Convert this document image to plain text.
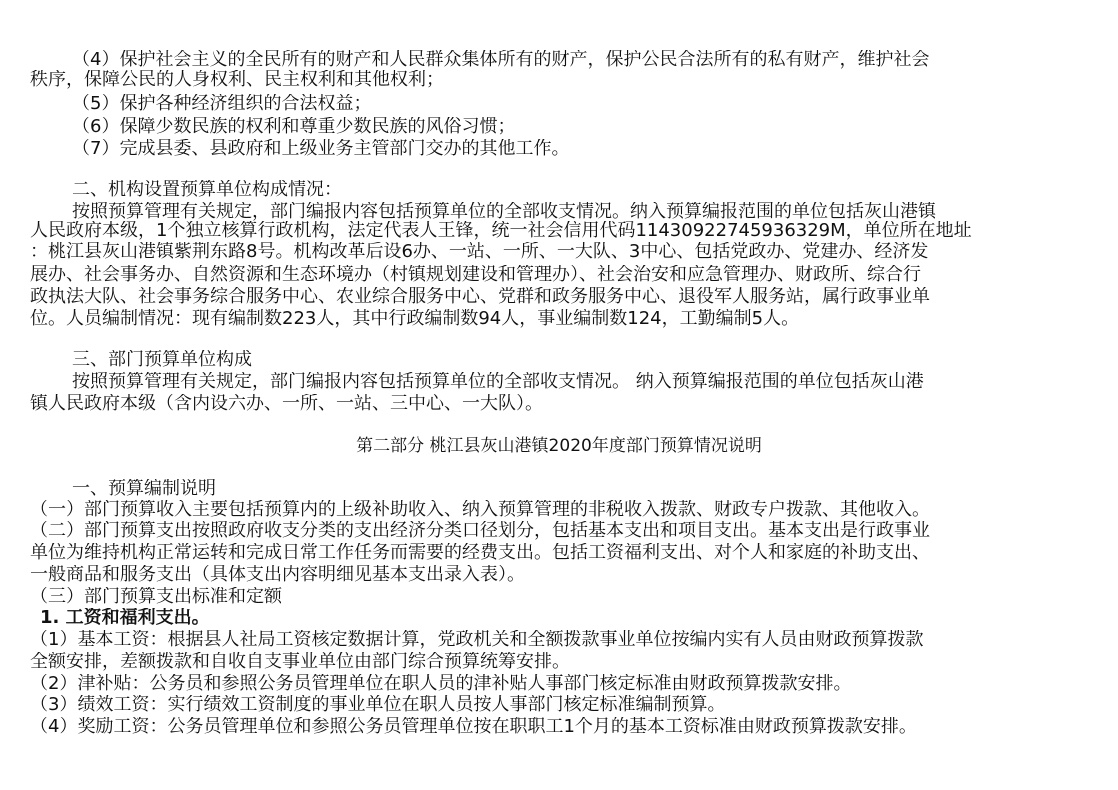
（4）保护社会主义的全民所有的财产和人民群众集体所有的财产，保护公民合法所有的私有财产，维护社会
秩序，保障公民的人身权利、民主权利和其他权利；
（5）保护各种经济组织的合法权益；
（6）保障少数民族的权利和尊重少数民族的风俗习惯；
（7）完成县委、县政府和上级业务主管部门交办的其他工作。
二、机构设置预算单位构成情况：
按照预算管理有关规定，部门编报内容包括预算单位的全部收支情况。纳入预算编报范围的单位包括灰山港镇
人民政府本级，1个独立核算行政机构，法定代表人王锋，统一社会信用代码11430922745936329M，单位所在地址
：桃江县灰山港镇紫荆东路8号。机构改革后设6办、一站、一所、一大队、3中心、包括党政办、党建办、经济发
展办、社会事务办、自然资源和生态环境办（村镇规划建设和管理办）、社会治安和应急管理办、财政所、综合行
政执法大队、社会事务综合服务中心、农业综合服务中心、党群和政务服务中心、退役军人服务站，属行政事业单
位。人员编制情况：现有编制数223人，其中行政编制数94人，事业编制数124，工勤编制5人。
三、部门预算单位构成
按照预算管理有关规定，部门编报内容包括预算单位的全部收支情况。 纳入预算编报范围的单位包括灰山港
镇人民政府本级（含内设六办、一所、一站、三中心、一大队）。
第二部分 桃江县灰山港镇2020年度部门预算情况说明
一、预算编制说明
（一）部门预算收入主要包括预算内的上级补助收入、纳入预算管理的非税收入拨款、财政专户拨款、其他收入。
（二）部门预算支出按照政府收支分类的支出经济分类口径划分，包括基本支出和项目支出。基本支出是行政事业
单位为维持机构正常运转和完成日常工作任务而需要的经费支出。包括工资福利支出、对个人和家庭的补助支出、
一般商品和服务支出（具体支出内容明细见基本支出录入表）。
（三）部门预算支出标准和定额
1. 工资和福利支出。
（1）基本工资：根据县人社局工资核定数据计算，党政机关和全额拨款事业单位按编内实有人员由财政预算拨款
全额安排，差额拨款和自收自支事业单位由部门综合预算统筹安排。
（2）津补贴：公务员和参照公务员管理单位在职人员的津补贴人事部门核定标准由财政预算拨款安排。
（3）绩效工资：实行绩效工资制度的事业单位在职人员按人事部门核定标准编制预算。
（4）奖励工资：公务员管理单位和参照公务员管理单位按在职职工1个月的基本工资标准由财政预算拨款安排。
